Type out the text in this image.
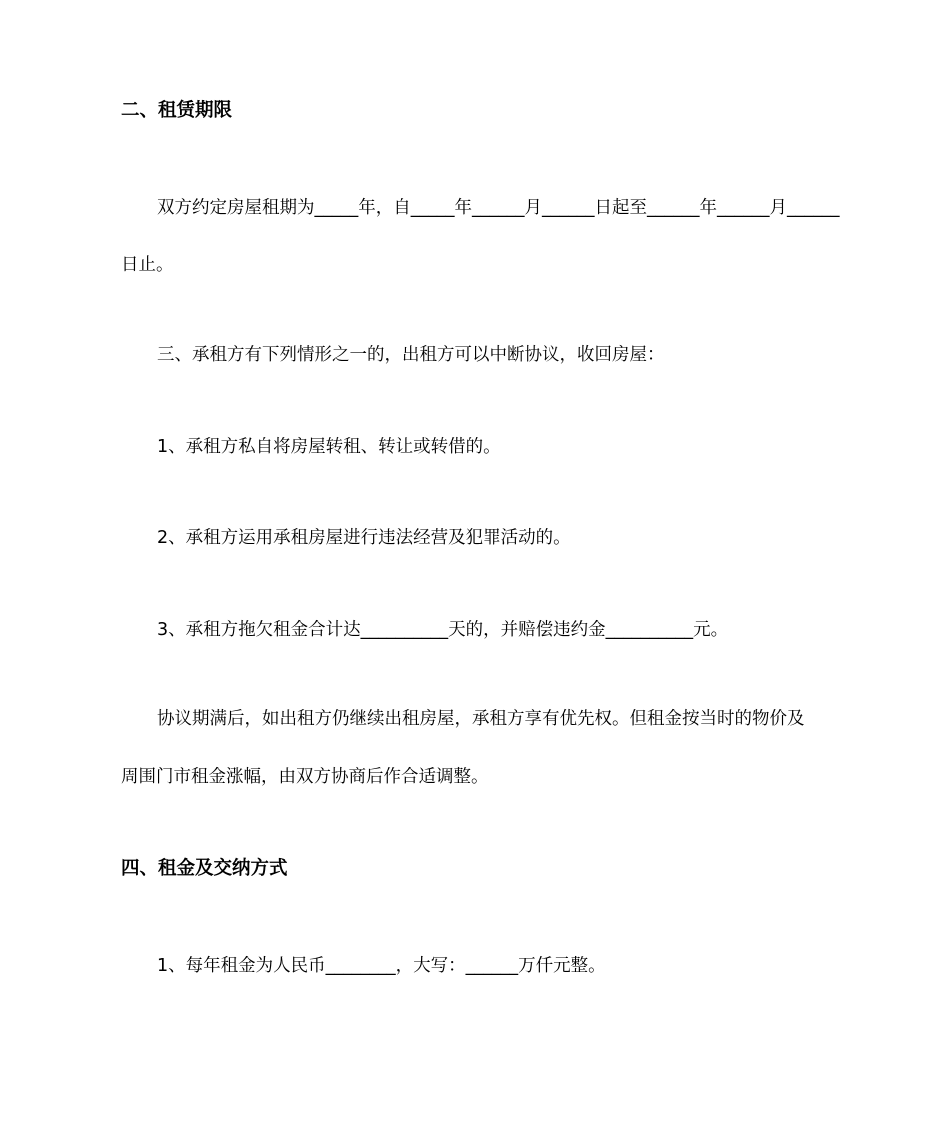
二、租赁期限
双方约定房屋租期为_____年，自_____年______月______日起至______年______月______
日止。
三、承租方有下列情形之一的，出租方可以中断协议，收回房屋：
1、承租方私自将房屋转租、转让或转借的。
2、承租方运用承租房屋进行违法经营及犯罪活动的。
3、承租方拖欠租金合计达__________天的，并赔偿违约金__________元。
协议期满后，如出租方仍继续出租房屋，承租方享有优先权。但租金按当时的物价及
周围门市租金涨幅，由双方协商后作合适调整。
四、租金及交纳方式
1、每年租金为人民币________，大写：______万仟元整。
